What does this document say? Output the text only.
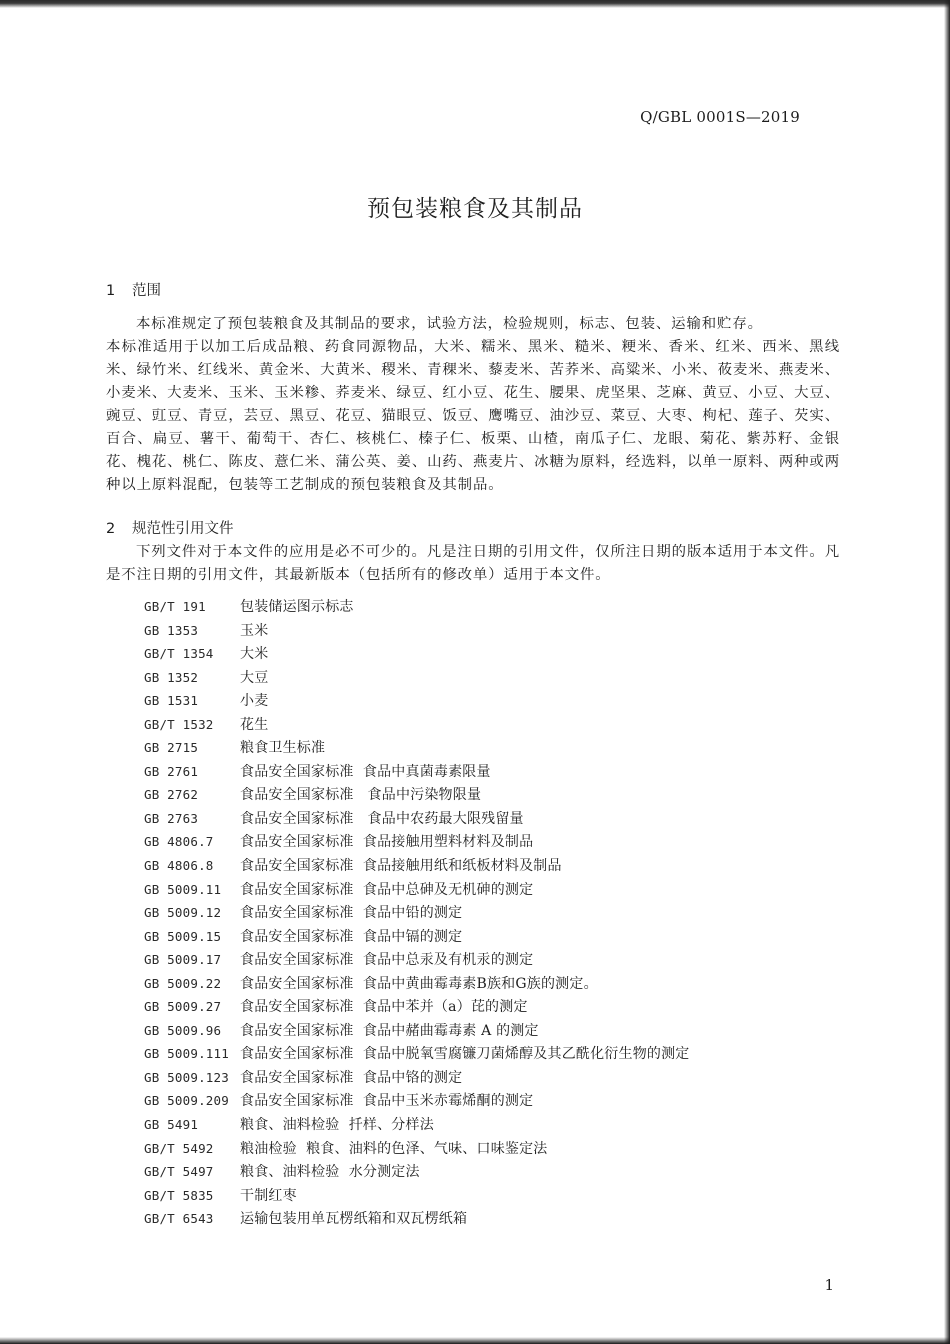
Q/GBL 0001S—2019
预包装粮食及其制品
1 范围

本标准规定了预包装粮食及其制品的要求，试验方法，检验规则，标志、包装、运输和贮存。

本标准适用于以加工后成品粮、药食同源物品，大米、糯米、黑米、糙米、粳米、香米、红米、西米、黑线米、绿竹米、红线米、黄金米、大黄米、稷米、青稞米、藜麦米、苦荞米、高粱米、小米、莜麦米、燕麦米、小麦米、大麦米、玉米、玉米糁、荞麦米、绿豆、红小豆、花生、腰果、虎坚果、芝麻、黄豆、小豆、大豆、豌豆、豇豆、青豆，芸豆、黑豆、花豆、猫眼豆、饭豆、鹰嘴豆、油沙豆、菜豆、大枣、枸杞、莲子、芡实、百合、扁豆、薯干、葡萄干、杏仁、核桃仁、榛子仁、板栗、山楂，南瓜子仁、龙眼、菊花、紫苏籽、金银花、槐花、桃仁、陈皮、薏仁米、蒲公英、姜、山药、燕麦片、冰糖为原料，经选料，以单一原料、两种或两种以上原料混配，包装等工艺制成的预包装粮食及其制品。

2 规范性引用文件

下列文件对于本文件的应用是必不可少的。凡是注日期的引用文件，仅所注日期的版本适用于本文件。凡是不注日期的引用文件，其最新版本（包括所有的修改单）适用于本文件。

GB/T 191 包装储运图示标志
GB 1353	玉米
GB/T 1354 大米
GB 1352	大豆
GB 1531	小麦
GB/T 1532 花生
GB 2715	粮食卫生标准
GB 2761	食品安全国家标准  食品中真菌毒素限量
GB 2762	食品安全国家标准   食品中污染物限量
GB 2763	食品安全国家标准   食品中农药最大限残留量
GB 4806.7 食品安全国家标准  食品接触用塑料材料及制品
GB 4806.8 食品安全国家标准  食品接触用纸和纸板材料及制品
GB 5009.11 食品安全国家标准  食品中总砷及无机砷的测定
GB 5009.12 食品安全国家标准  食品中铅的测定
GB 5009.15 食品安全国家标准  食品中镉的测定
GB 5009.17 食品安全国家标准  食品中总汞及有机汞的测定
GB 5009.22 食品安全国家标准  食品中黄曲霉毒素B族和G族的测定。
GB 5009.27 食品安全国家标准  食品中苯并（a）芘的测定
GB 5009.96 食品安全国家标准  食品中赭曲霉毒素 A 的测定
GB 5009.111 食品安全国家标准  食品中脱氧雪腐镰刀菌烯醇及其乙酰化衍生物的测定
GB 5009.123 食品安全国家标准  食品中铬的测定
GB 5009.209 食品安全国家标准  食品中玉米赤霉烯酮的测定
GB 5491	粮食、油料检验  扦样、分样法
GB/T 5492 粮油检验  粮食、油料的色泽、气味、口味鉴定法
GB/T 5497 粮食、油料检验  水分测定法
GB/T 5835 干制红枣
GB/T 6543 运输包装用单瓦楞纸箱和双瓦楞纸箱
1
